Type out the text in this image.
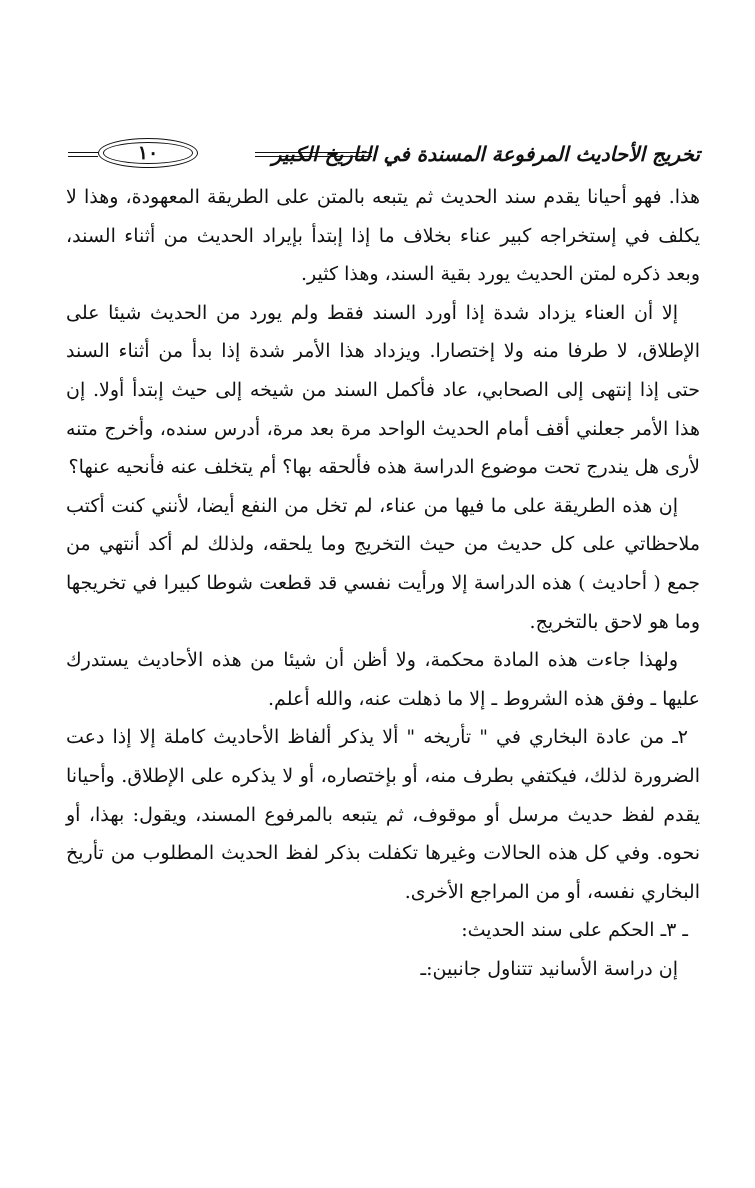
تخريج الأحاديث المرفوعة المسندة في التاريخ الكبير
١٠

هذا. فهو أحيانا يقدم سند الحديث ثم يتبعه بالمتن على الطريقة المعهودة، وهذا لا يكلف في إستخراجه كبير عناء بخلاف ما إذا إبتدأ بإيراد الحديث من أثناء السند، وبعد ذكره لمتن الحديث يورد بقية السند، وهذا كثير.

إلا أن العناء يزداد شدة إذا أورد السند فقط ولم يورد من الحديث شيئا على الإطلاق، لا طرفا منه ولا إختصارا. ويزداد هذا الأمر شدة إذا بدأ من أثناء السند حتى إذا إنتهى إلى الصحابي، عاد فأكمل السند من شيخه إلى حيث إبتدأ أولا. إن هذا الأمر جعلني أقف أمام الحديث الواحد مرة بعد مرة، أدرس سنده، وأخرج متنه لأرى هل يندرج تحت موضوع الدراسة هذه فألحقه بها؟ أم يتخلف عنه فأنحيه عنها؟

إن هذه الطريقة على ما فيها من عناء، لم تخل من النفع أيضا، لأنني كنت أكتب ملاحظاتي على كل حديث من حيث التخريج وما يلحقه، ولذلك لم أكد أنتهي من جمع ( أحاديث ) هذه الدراسة إلا ورأيت نفسي قد قطعت شوطا كبيرا في تخريجها وما هو لاحق بالتخريج.

ولهذا جاءت هذه المادة محكمة، ولا أظن أن شيئا من هذه الأحاديث يستدرك عليها ـ وفق هذه الشروط ـ إلا ما ذهلت عنه، والله أعلم.

٢ـ من عادة البخاري في " تأريخه " ألا يذكر ألفاظ الأحاديث كاملة إلا إذا دعت الضرورة لذلك، فيكتفي بطرف منه، أو بإختصاره، أو لا يذكره على الإطلاق. وأحيانا يقدم لفظ حديث مرسل أو موقوف، ثم يتبعه بالمرفوع المسند، ويقول: بهذا، أو نحوه. وفي كل هذه الحالات وغيرها تكفلت بذكر لفظ الحديث المطلوب من تأريخ البخاري نفسه، أو من المراجع الأخرى.

ـ ٣ـ الحكم على سند الحديث:

إن دراسة الأسانيد تتناول جانبين:ـ
